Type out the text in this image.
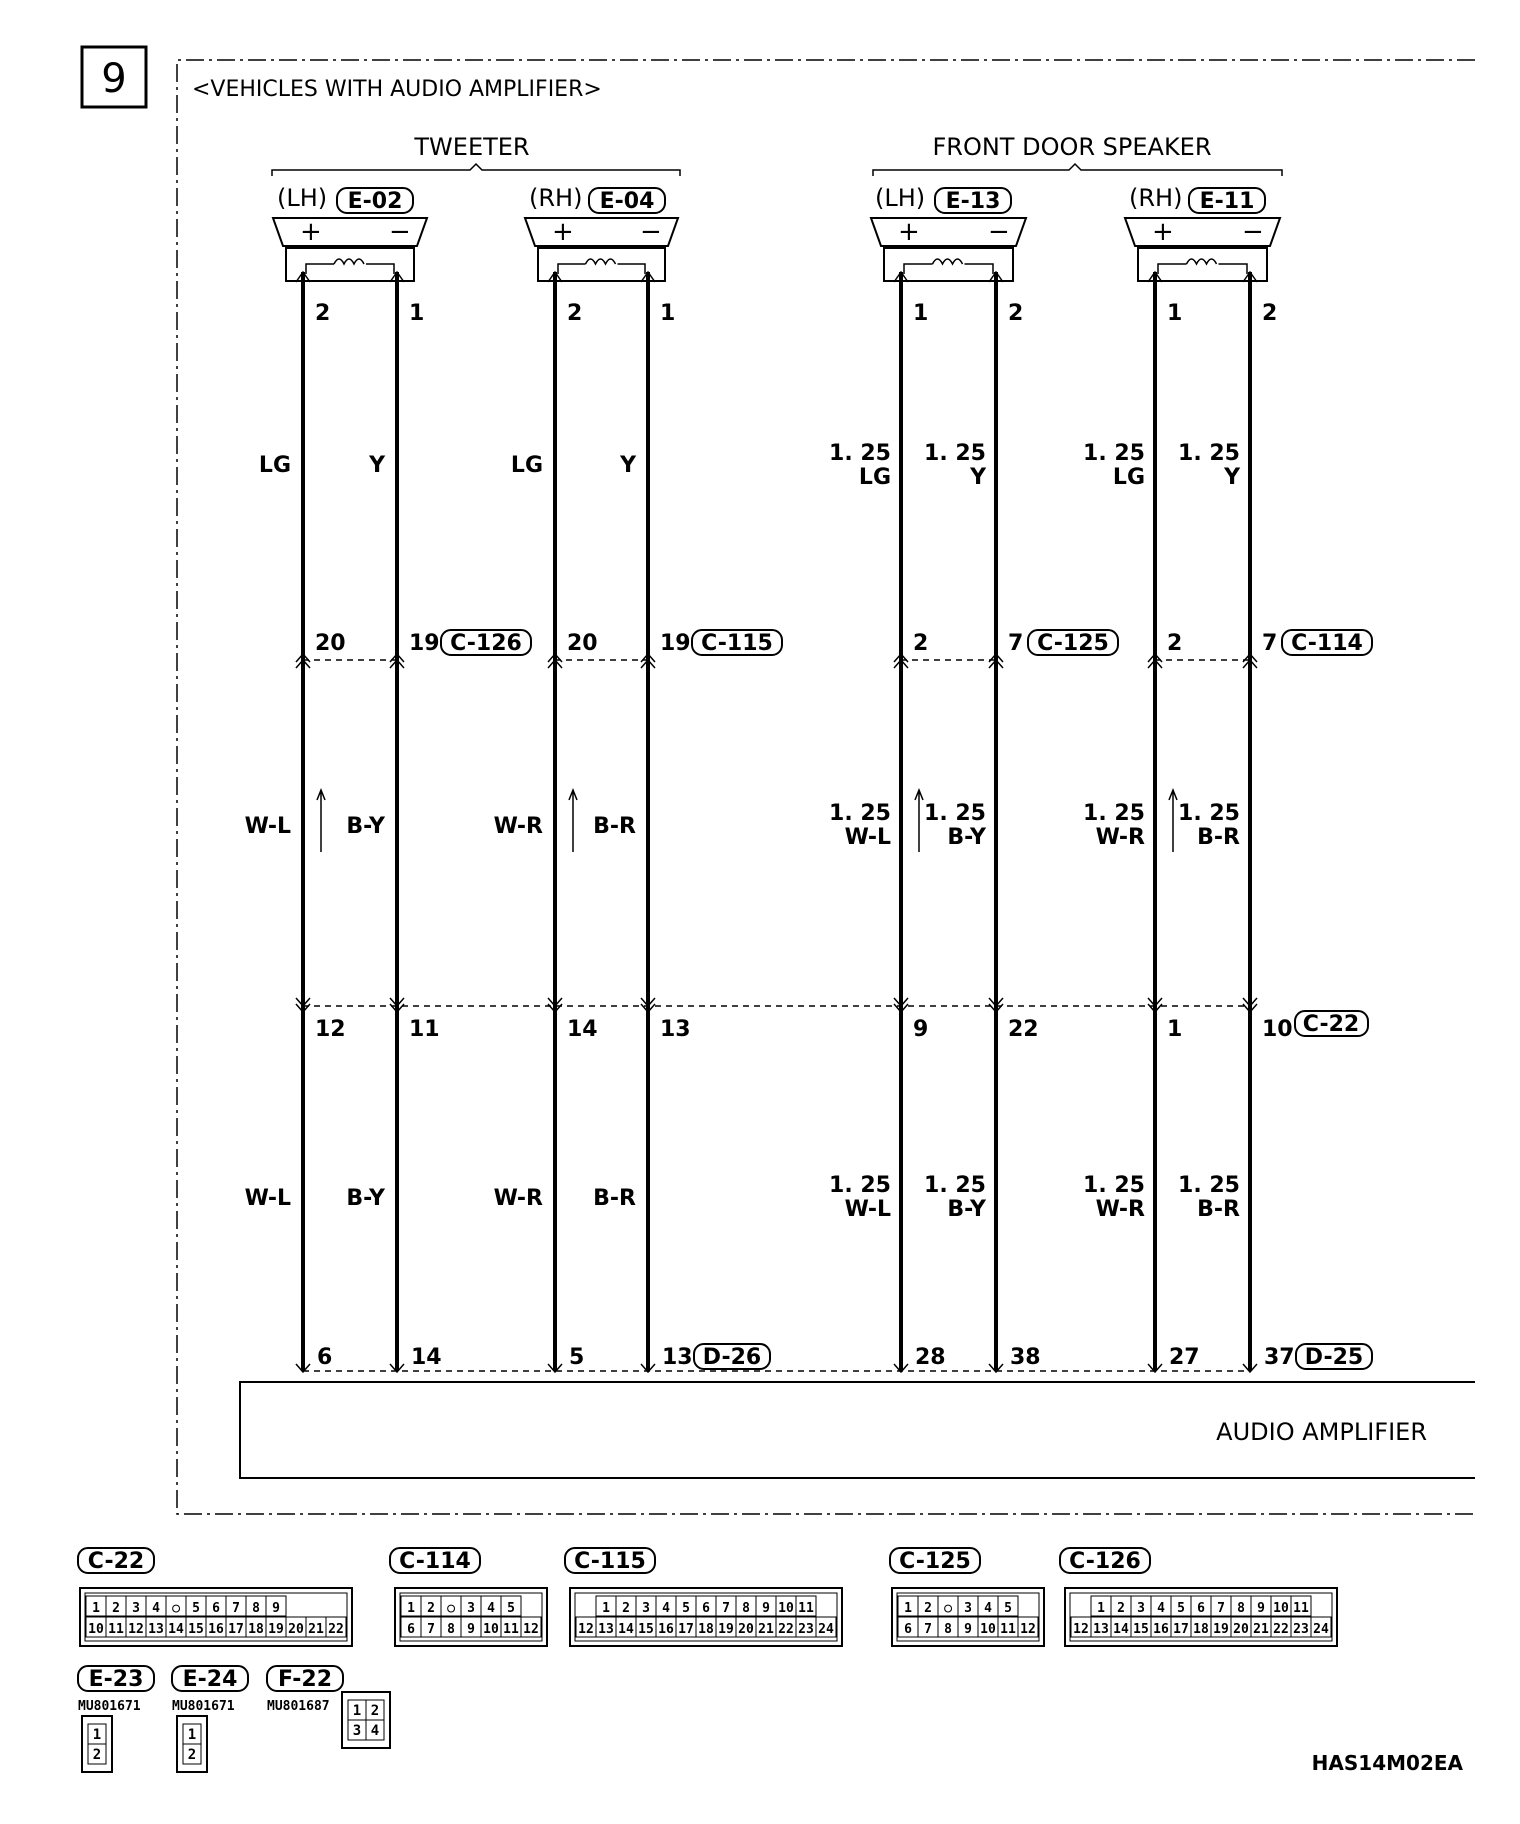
9	<VEHICLES WITH AUDIO AMPLIFIER>
TWEETER	FRONT DOOR SPEAKER
(LH) E-02
+	−
2	1
LG	Y
20	19 C-126
W-L	B-Y
12	11
W-L	B-Y
6	14
(RH) E-04
+	−
2	1
LG	Y
20	19 C-115
W-R B-R
14	13
W-R B-R
5	13 D-26
(LH) E-13
+	−
1	2
1. 25
LG
1. 25
Y
2	7 C-125
1. 25
W-L
1. 25
B-Y
9	22
1. 25
W-L
1. 25
B-Y
28	38
(RH) E-11
+	−
1	2
1. 25
LG
1. 25
Y
2	7 C-114
1. 25
W-R
1. 25
B-R
1	10
1. 25
W-R
1. 25
B-R
27	37 D-25
C-22
AUDIO AMPLIFIER
C-22
1 2 3 4 ○ 5 6 7 8 9
10 11 12 13 14 15 16 17 18 19 20 21 22
C-114
1 2 ○ 3 4 5
6 7 8 9 10 11 12
C-115
1 2 3 4 5 6 7 8 9 10 11
12 13 14 15 16 17 18 19 20 21 22 23 24
C-125
1 2 ○ 3 4 5
6 7 8 9 10 11 12
C-126
1 2 3 4 5 6 7 8 9 10 11
12 13 14 15 16 17 18 19 20 21 22 23 24
E-23
MU801671
1
2
E-24
MU801671
1
2
F-22
MU801687 1 2
3 4
HAS14M02EA
